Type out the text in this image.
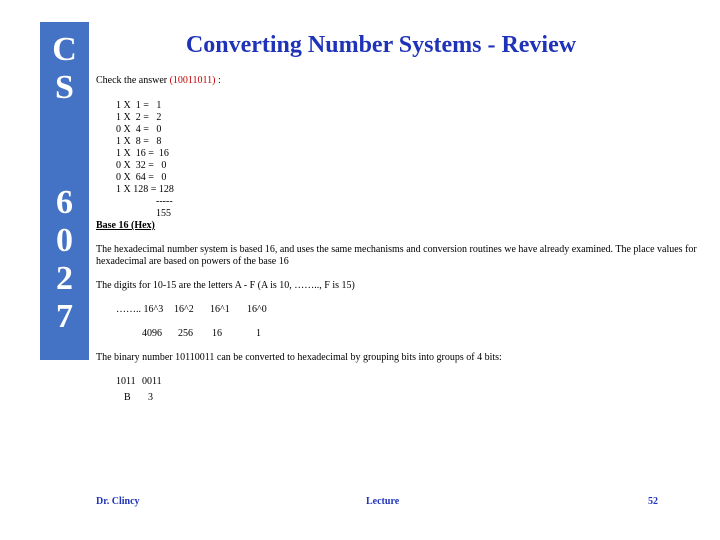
C
S
6
0
2
7
Converting Number Systems - Review
Check the answer (10011011) :
1 X  1 =   1
1 X  2 =   2
0 X  4 =   0
1 X  8 =   8
1 X  16 =  16
0 X  32 =   0
0 X  64 =   0
1 X 128 = 128
-----
155
Base 16 (Hex)
The hexadecimal number system is based 16, and uses the same mechanisms and conversion routines we have already examined. The place values for hexadecimal are based on powers of the base 16
The digits for 10-15 are the letters A - F (A is 10, …….., F is 15)
…….. 16^3 16^2 16^1 16^0
4096 256 16	1
The binary number 10110011 can be converted to hexadecimal by grouping bits into groups of 4 bits:
1011 0011
B 3
Dr. Clincy	Lecture	52
